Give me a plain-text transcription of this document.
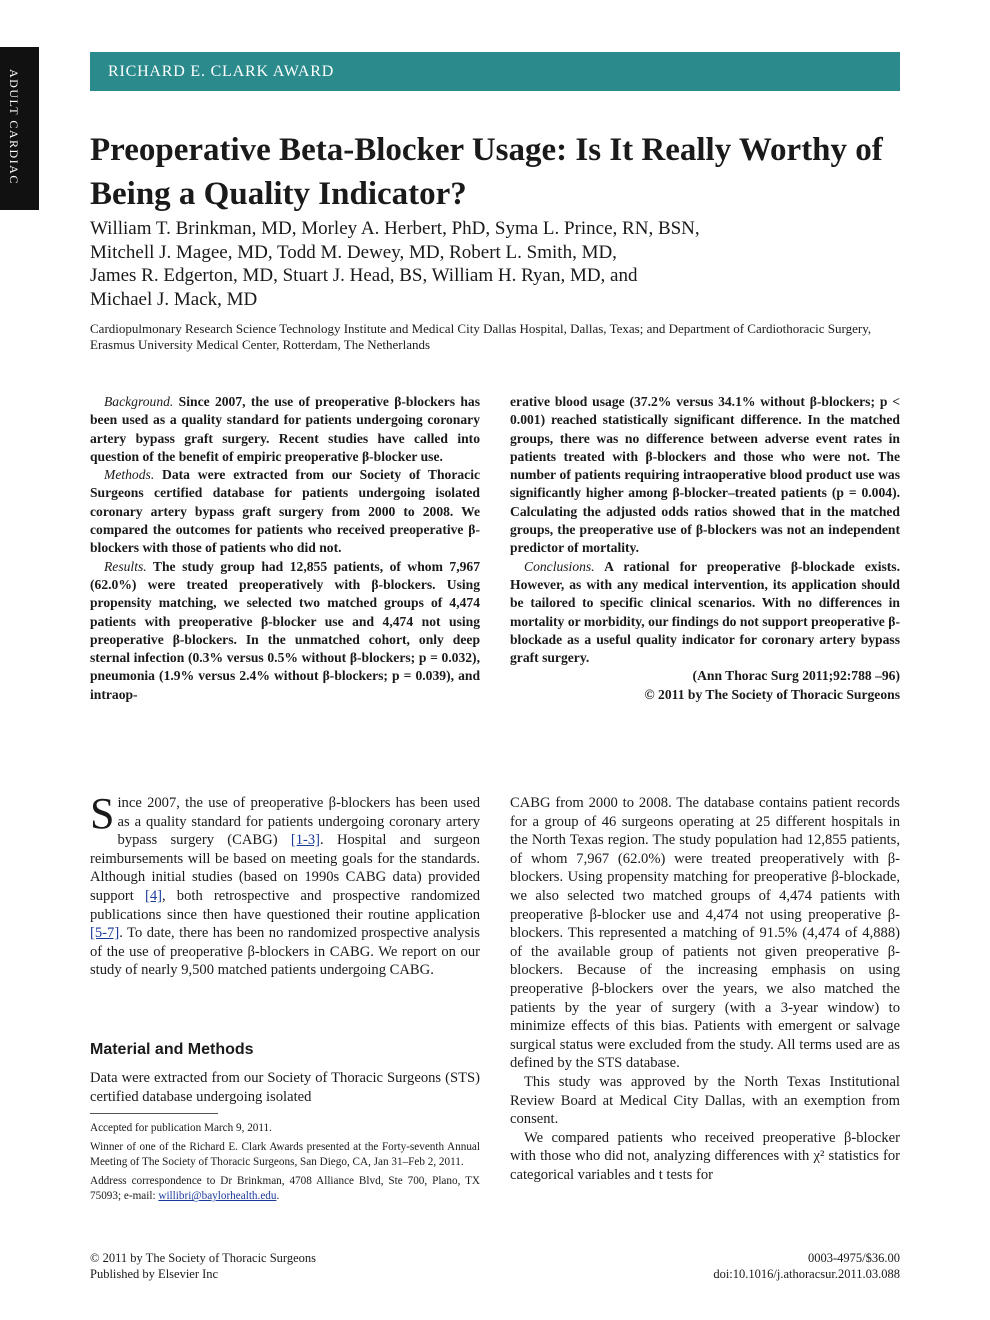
ADULT CARDIAC	RICHARD E. CLARK AWARD
Preoperative Beta-Blocker Usage: Is It Really Worthy of Being a Quality Indicator?
William T. Brinkman, MD, Morley A. Herbert, PhD, Syma L. Prince, RN, BSN,
Mitchell J. Magee, MD, Todd M. Dewey, MD, Robert L. Smith, MD,
James R. Edgerton, MD, Stuart J. Head, BS, William H. Ryan, MD, and
Michael J. Mack, MD
Cardiopulmonary Research Science Technology Institute and Medical City Dallas Hospital, Dallas, Texas; and Department of Cardiothoracic Surgery, Erasmus University Medical Center, Rotterdam, The Netherlands

Background. Since 2007, the use of preoperative β-blockers has been used as a quality standard for patients undergoing coronary artery bypass graft surgery. Recent studies have called into question of the benefit of empiric preoperative β-blocker use.

Methods. Data were extracted from our Society of Thoracic Surgeons certified database for patients undergoing isolated coronary artery bypass graft surgery from 2000 to 2008. We compared the outcomes for patients who received preoperative β-blockers with those of patients who did not.

Results. The study group had 12,855 patients, of whom 7,967 (62.0%) were treated preoperatively with β-blockers. Using propensity matching, we selected two matched groups of 4,474 patients with preoperative β-blocker use and 4,474 not using preoperative β-blockers. In the unmatched cohort, only deep sternal infection (0.3% versus 0.5% without β-blockers; p = 0.032), pneumonia (1.9% versus 2.4% without β-blockers; p = 0.039), and intraop-

erative blood usage (37.2% versus 34.1% without β-blockers; p < 0.001) reached statistically significant difference. In the matched groups, there was no difference between adverse event rates in patients treated with β-blockers and those who were not. The number of patients requiring intraoperative blood product use was significantly higher among β-blocker–treated patients (p = 0.004). Calculating the adjusted odds ratios showed that in the matched groups, the preoperative use of β-blockers was not an independent predictor of mortality.

Conclusions. A rational for preoperative β-blockade exists. However, as with any medical intervention, its application should be tailored to specific clinical scenarios. With no differences in mortality or morbidity, our findings do not support preoperative β-blockade as a useful quality indicator for coronary artery bypass graft surgery.

(Ann Thorac Surg 2011;92:788 –96)

© 2011 by The Society of Thoracic Surgeons

Since 2007, the use of preoperative β-blockers has been used as a quality standard for patients undergoing coronary artery bypass surgery (CABG) [1-3]. Hospital and surgeon reimbursements will be based on meeting goals for the standards. Although initial studies (based on 1990s CABG data) provided support [4], both retrospective and prospective randomized publications since then have questioned their routine application [5-7]. To date, there has been no randomized prospective analysis of the use of preoperative β-blockers in CABG. We report on our study of nearly 9,500 matched patients undergoing CABG.

Material and Methods
Data were extracted from our Society of Thoracic Surgeons (STS) certified database undergoing isolated

Accepted for publication March 9, 2011.

Winner of one of the Richard E. Clark Awards presented at the Forty-seventh Annual Meeting of The Society of Thoracic Surgeons, San Diego, CA, Jan 31–Feb 2, 2011.

Address correspondence to Dr Brinkman, 4708 Alliance Blvd, Ste 700, Plano, TX 75093; e-mail: willibri@baylorhealth.edu.

CABG from 2000 to 2008. The database contains patient records for a group of 46 surgeons operating at 25 different hospitals in the North Texas region. The study population had 12,855 patients, of whom 7,967 (62.0%) were treated preoperatively with β-blockers. Using propensity matching for preoperative β-blockade, we also selected two matched groups of 4,474 patients with preoperative β-blocker use and 4,474 not using preoperative β-blockers. This represented a matching of 91.5% (4,474 of 4,888) of the available group of patients not given preoperative β-blockers. Because of the increasing emphasis on using preoperative β-blockers over the years, we also matched the patients by the year of surgery (with a 3-year window) to minimize effects of this bias. Patients with emergent or salvage surgical status were excluded from the study. All terms used are as defined by the STS database.

This study was approved by the North Texas Institutional Review Board at Medical City Dallas, with an exemption from consent.

We compared patients who received preoperative β-blocker with those who did not, analyzing differences with χ² statistics for categorical variables and t tests for

© 2011 by The Society of Thoracic Surgeons
Published by Elsevier Inc
0003-4975/$36.00
doi:10.1016/j.athoracsur.2011.03.088
